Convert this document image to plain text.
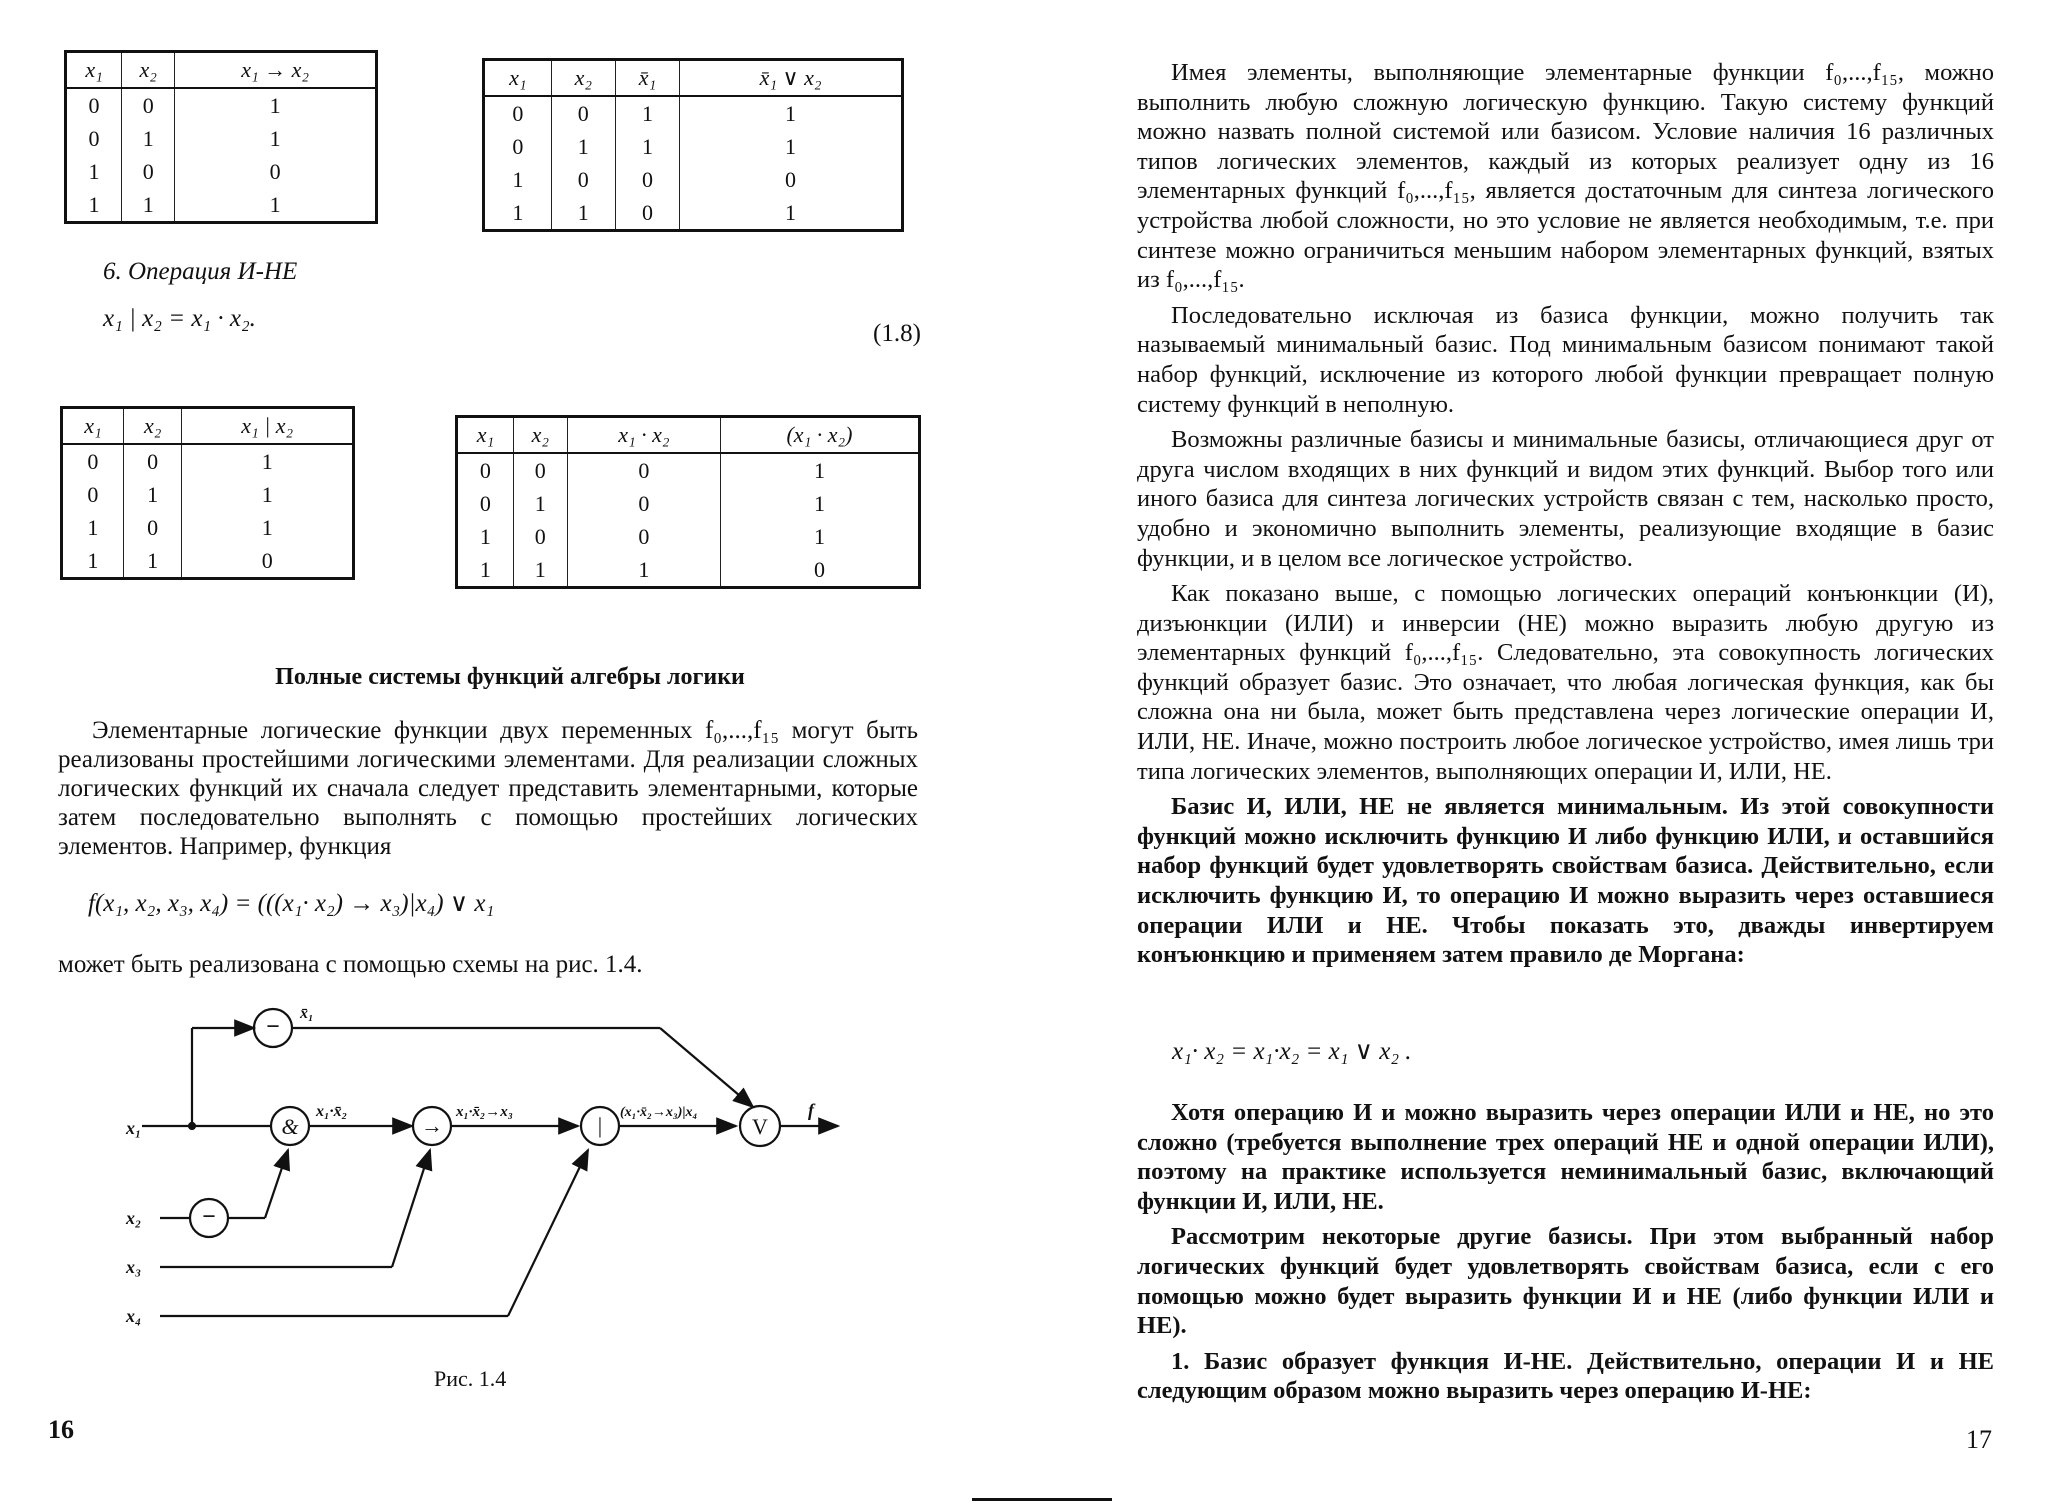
x₁	x₂	x₁ → x₂
0	0	1
0	1	1
1	0	0
1	1	1
x₁	x₂	x̄₁	x̄₁ ∨ x₂
0	0	1	1
0	1	1	1
1	0	0	0
1	1	0	1
6. Операция И-НЕ
x₁ | x₂ = x₁ · x₂.
(1.8)
x₁	x₂	x₁ | x₂
0	0	1
0	1	1
1	0	1
1	1	0
x₁	x₂	x₁ · x₂	(x₁ · x₂)
0	0	0	1
0	1	0	1
1	0	0	1
1	1	1	0
Полные системы функций алгебры логики

Элементарные логические функции двух переменных f₀,...,f₁₅ могут быть реализованы простейшими логическими элементами. Для реализации сложных логических функций их сначала следует представить элементарными, которые затем последовательно выполнять с помощью простейших логических элементов. Например, функция

f(x₁, x₂, x₃, x₄) = (((x₁· x₂) → x₃)|x₄) ∨ x₁

может быть реализована с помощью схемы на рис. 1.4.

−
&	→	|	V
−
x₁
x₂
x₃
x₄
x̄₁
x₁·x̄₂	x₁·x̄₂→x₃	(x₁·x̄₂→x₃)|x₄	f
Рис. 1.4
16

Имея элементы, выполняющие элементарные функции f₀,...,f₁₅, можно выполнить любую сложную логическую функцию. Такую систему функций можно назвать полной системой или базисом. Условие наличия 16 различных типов логических элементов, каждый из которых реализует одну из 16 элементарных функций f₀,...,f₁₅, является достаточным для синтеза логического устройства любой сложности, но это условие не является необходимым, т.е. при синтезе можно ограничиться меньшим набором элементарных функций, взятых из f₀,...,f₁₅.

Последовательно исключая из базиса функции, можно получить так называемый минимальный базис. Под минимальным базисом понимают такой набор функций, исключение из которого любой функции превращает полную систему функций в неполную.

Возможны различные базисы и минимальные базисы, отличающиеся друг от друга числом входящих в них функций и видом этих функций. Выбор того или иного базиса для синтеза логических устройств связан с тем, насколько просто, удобно и экономично выполнить элементы, реализующие входящие в базис функции, и в целом все логическое устройство.

Как показано выше, с помощью логических операций конъюнкции (И), дизъюнкции (ИЛИ) и инверсии (НЕ) можно выразить любую другую из элементарных функций f₀,...,f₁₅. Следовательно, эта совокупность логических функций образует базис. Это означает, что любая логическая функция, как бы сложна она ни была, может быть представлена через логические операции И, ИЛИ, НЕ. Иначе, можно построить любое логическое устройство, имея лишь три типа логических элементов, выполняющих операции И, ИЛИ, НЕ.

Базис И, ИЛИ, НЕ не является минимальным. Из этой совокупности функций можно исключить функцию И либо функцию ИЛИ, и оставшийся набор функций будет удовлетворять свойствам базиса. Действительно, если исключить функцию И, то операцию И можно выразить через оставшиеся операции ИЛИ и НЕ. Чтобы показать это, дважды инвертируем конъюнкцию и применяем затем правило де Моргана:

x₁· x₂ = x₁·x₂ = x₁ ∨ x₂ .

Хотя операцию И и можно выразить через операции ИЛИ и НЕ, но это сложно (требуется выполнение трех операций НЕ и одной операции ИЛИ), поэтому на практике используется неминимальный базис, включающий функции И, ИЛИ, НЕ.

Рассмотрим некоторые другие базисы. При этом выбранный набор логических функций будет удовлетворять свойствам базиса, если с его помощью можно будет выразить функции И и НЕ (либо функции ИЛИ и НЕ).

1. Базис образует функция И-НЕ. Действительно, операции И и НЕ следующим образом можно выразить через операцию И-НЕ:

17
